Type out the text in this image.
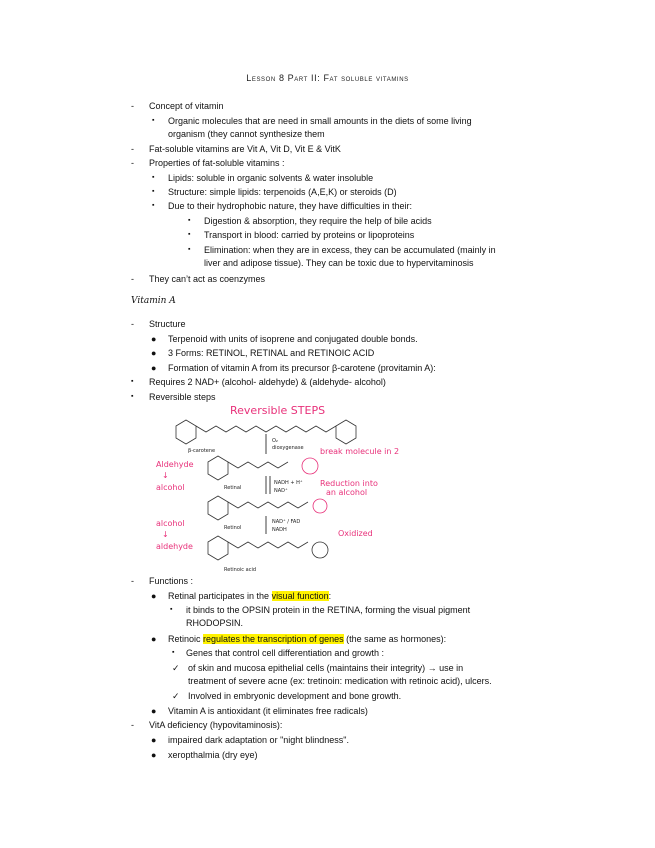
Lesson 8 Part II: Fat soluble vitamins
- Concept of vitamin
▪ Organic molecules that are need in small amounts in the diets of some living
organism (they cannot synthesize them
- Fat-soluble vitamins are Vit A, Vit D, Vit E & VitK
- Properties of fat-soluble vitamins :
▪ Lipids: soluble in organic solvents & water insoluble
▪ Structure: simple lipids: terpenoids (A,E,K) or steroids (D)
▪ Due to their hydrophobic nature, they have difficulties in their:
▪ Digestion & absorption, they require the help of bile acids
▪ Transport in blood: carried by proteins or lipoproteins
▪ Elimination: when they are in excess, they can be accumulated (mainly in
liver and adipose tissue). They can be toxic due to hypervitaminosis
- They can’t act as coenzymes
Vitamin A
- Structure
● Terpenoid with units of isoprene and conjugated double bonds.
● 3 Forms: RETINOL, RETINAL and RETINOIC ACID
● Formation of vitamin A from its precursor β-carotene (provitamin A):
▪ Requires 2 NAD+ (alcohol- aldehyde) & (aldehyde- alcohol)
▪ Reversible steps
Reversible STEPS
β-carotene
Retinal
Retinol
Retinoic acid
O₂
dioxygenase
NADH + H⁺
NAD⁺
NAD⁺ / FAD
NADH
Aldehyde
↓
alcohol
break molecule in 2
Reduction into
an alcohol
alcohol
↓
aldehyde
Oxidized
- Functions :
● Retinal participates in the visual function:
▪ it binds to the OPSIN protein in the RETINA, forming the visual pigment
RHODOPSIN.
● Retinoic regulates the transcription of genes (the same as hormones):
▪ Genes that control cell differentiation and growth :
✓ of skin and mucosa epithelial cells (maintains their integrity) → use in
treatment of severe acne (ex: tretinoin: medication with retinoic acid), ulcers.
✓ Involved in embryonic development and bone growth.
● Vitamin A is antioxidant (it eliminates free radicals)
- VitA deficiency (hypovitaminosis):
● impaired dark adaptation or "night blindness".
● xeropthalmia (dry eye)
